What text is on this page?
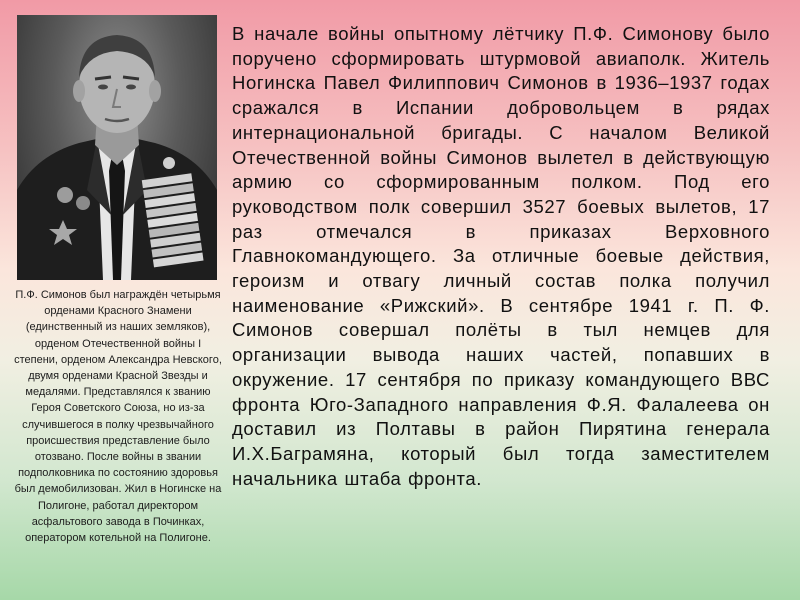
П.Ф. Симонов был награждён четырьмя орденами Красного Знамени (единственный из наших земляков), орденом Отечественной войны I степени, орденом Александра Невского, двумя орденами Красной Звезды и медалями. Представлялся к званию Героя Советского Союза, но из-за случившегося в полку чрезвычайного происшествия представление было отозвано. После войны в звании подполковника по состоянию здоровья был демобилизован. Жил в Ногинске на Полигоне, работал директором асфальтового завода в Починках, оператором котельной на Полигоне.

В начале войны опытному лётчику П.Ф. Симонову было поручено сформировать штурмовой авиаполк. Житель Ногинска Павел Филиппович Симонов в 1936–1937 годах сражался в Испании добровольцем в рядах интернациональной бригады. С началом Великой Отечественной войны Симонов вылетел в действующую армию со сформированным полком. Под его руководством полк совершил 3527 боевых вылетов, 17 раз отмечался в приказах Верховного Главнокомандующего. За отличные боевые действия, героизм и отвагу личный состав полка получил наименование «Рижский». В сентябре 1941 г. П. Ф. Симонов совершал полёты в тыл немцев для организации вывода наших частей, попавших в окружение. 17 сентября по приказу командующего ВВС фронта Юго-Западного направления Ф.Я. Фалалеева он доставил из Полтавы в район Пирятина генерала И.Х.Баграмяна, который был тогда заместителем начальника штаба фронта.
